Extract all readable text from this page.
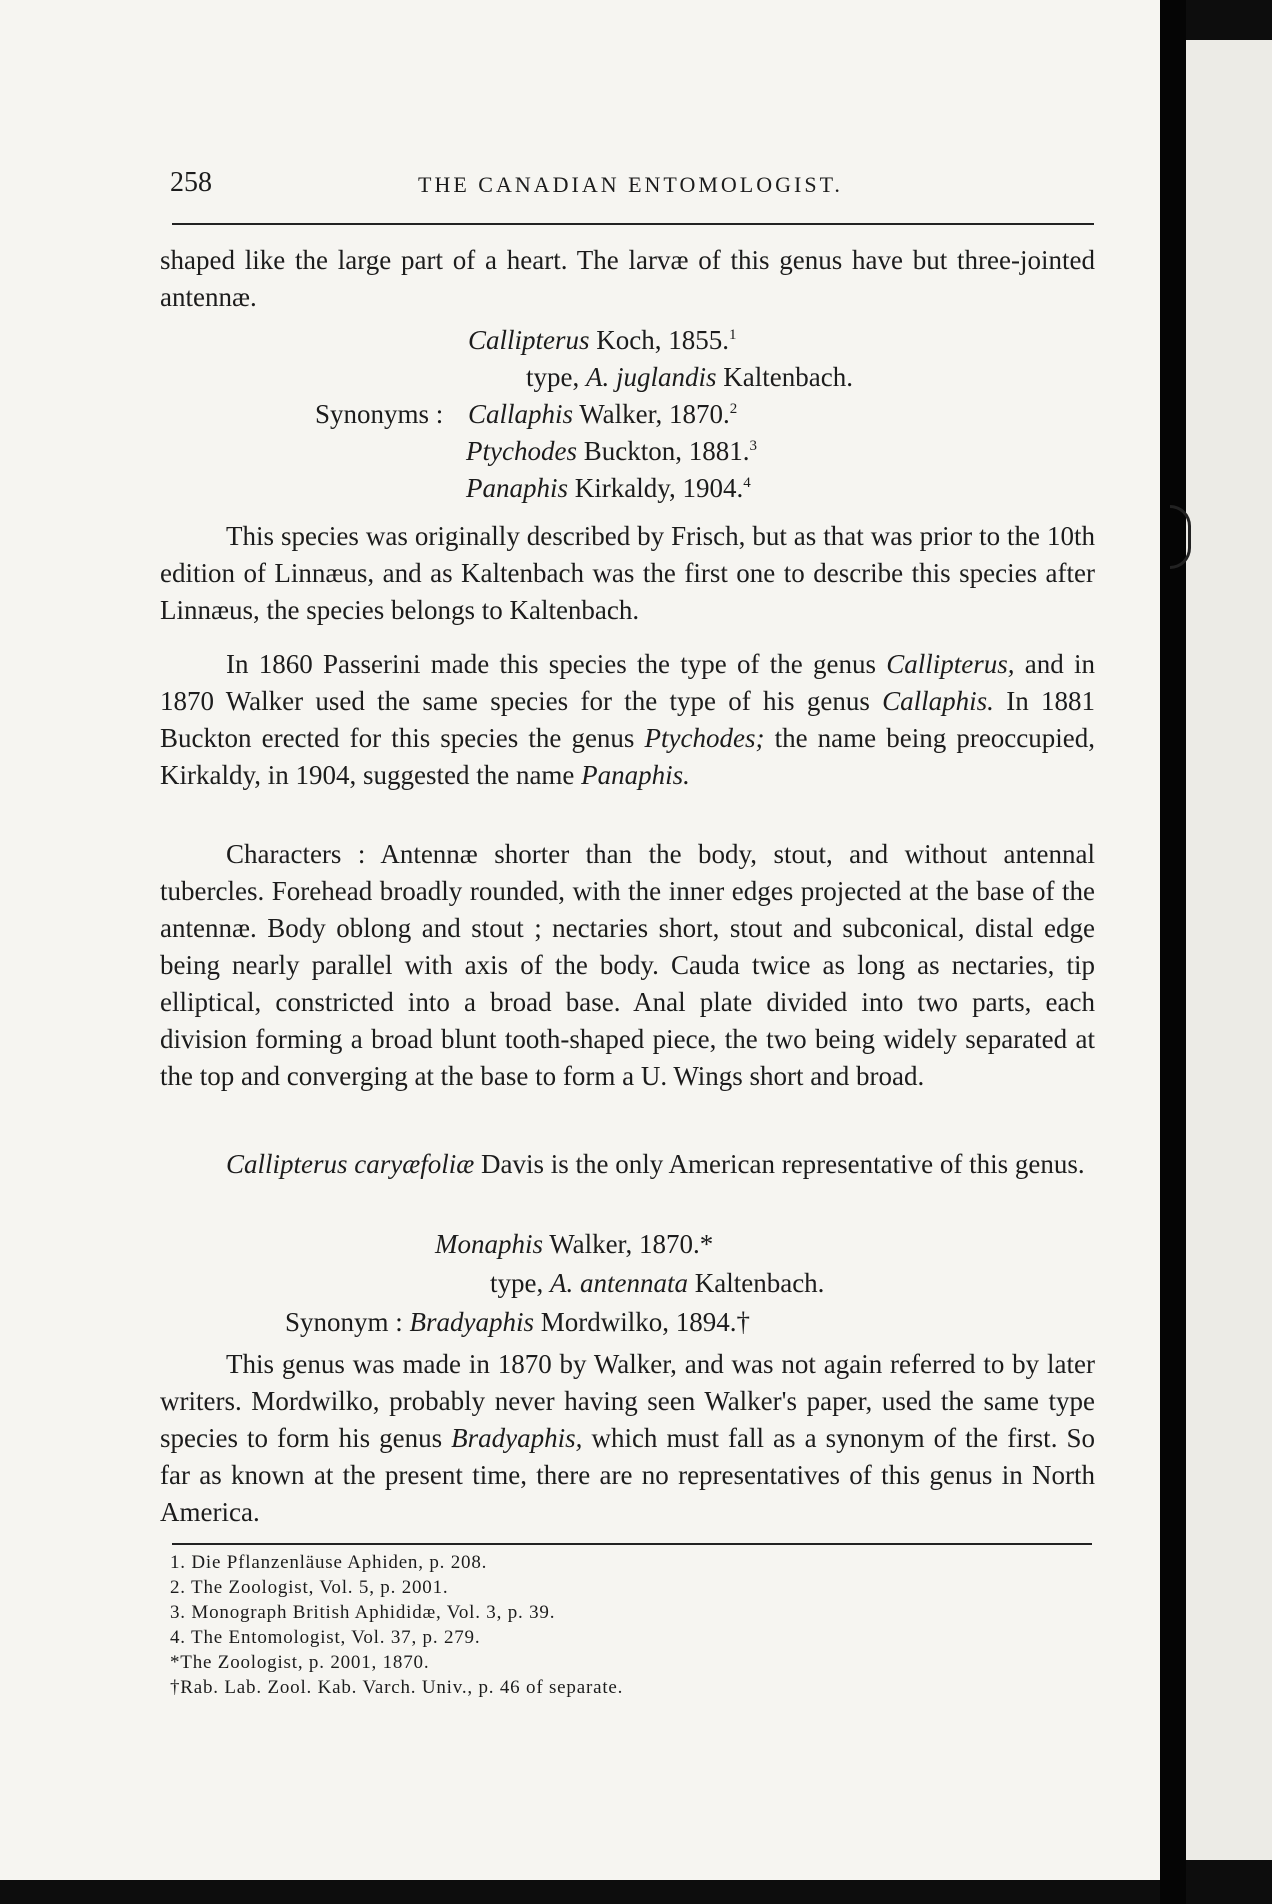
258	THE CANADIAN ENTOMOLOGIST.

shaped like the large part of a heart. The larvæ of this genus have but three-jointed antennæ.

Callipterus Koch, 1855.$^1$
type, A. juglandis Kaltenbach.
Synonyms : Callaphis Walker, 1870.$^2$
Ptychodes Buckton, 1881.$^3$
Panaphis Kirkaldy, 1904.$^4$

This species was originally described by Frisch, but as that was prior to the 10th edition of Linnæus, and as Kaltenbach was the first one to describe this species after Linnæus, the species belongs to Kaltenbach.

In 1860 Passerini made this species the type of the genus Callipterus, and in 1870 Walker used the same species for the type of his genus Callaphis. In 1881 Buckton erected for this species the genus Ptychodes; the name being preoccupied, Kirkaldy, in 1904, suggested the name Panaphis.

Characters : Antennæ shorter than the body, stout, and without antennal tubercles. Forehead broadly rounded, with the inner edges projected at the base of the antennæ. Body oblong and stout ; nectaries short, stout and subconical, distal edge being nearly parallel with axis of the body. Cauda twice as long as nectaries, tip elliptical, constricted into a broad base. Anal plate divided into two parts, each division forming a broad blunt tooth-shaped piece, the two being widely separated at the top and converging at the base to form a U. Wings short and broad.

Callipterus caryæfoliæ Davis is the only American representative of this genus.

Monaphis Walker, 1870.*
type, A. antennata Kaltenbach.
Synonym : Bradyaphis Mordwilko, 1894.†

This genus was made in 1870 by Walker, and was not again referred to by later writers. Mordwilko, probably never having seen Walker's paper, used the same type species to form his genus Bradyaphis, which must fall as a synonym of the first. So far as known at the present time, there are no representatives of this genus in North America.

1. Die Pflanzenläuse Aphiden, p. 208.
2. The Zoologist, Vol. 5, p. 2001.
3. Monograph British Aphididæ, Vol. 3, p. 39.
4. The Entomologist, Vol. 37, p. 279.
*The Zoologist, p. 2001, 1870.
†Rab. Lab. Zool. Kab. Varch. Univ., p. 46 of separate.
